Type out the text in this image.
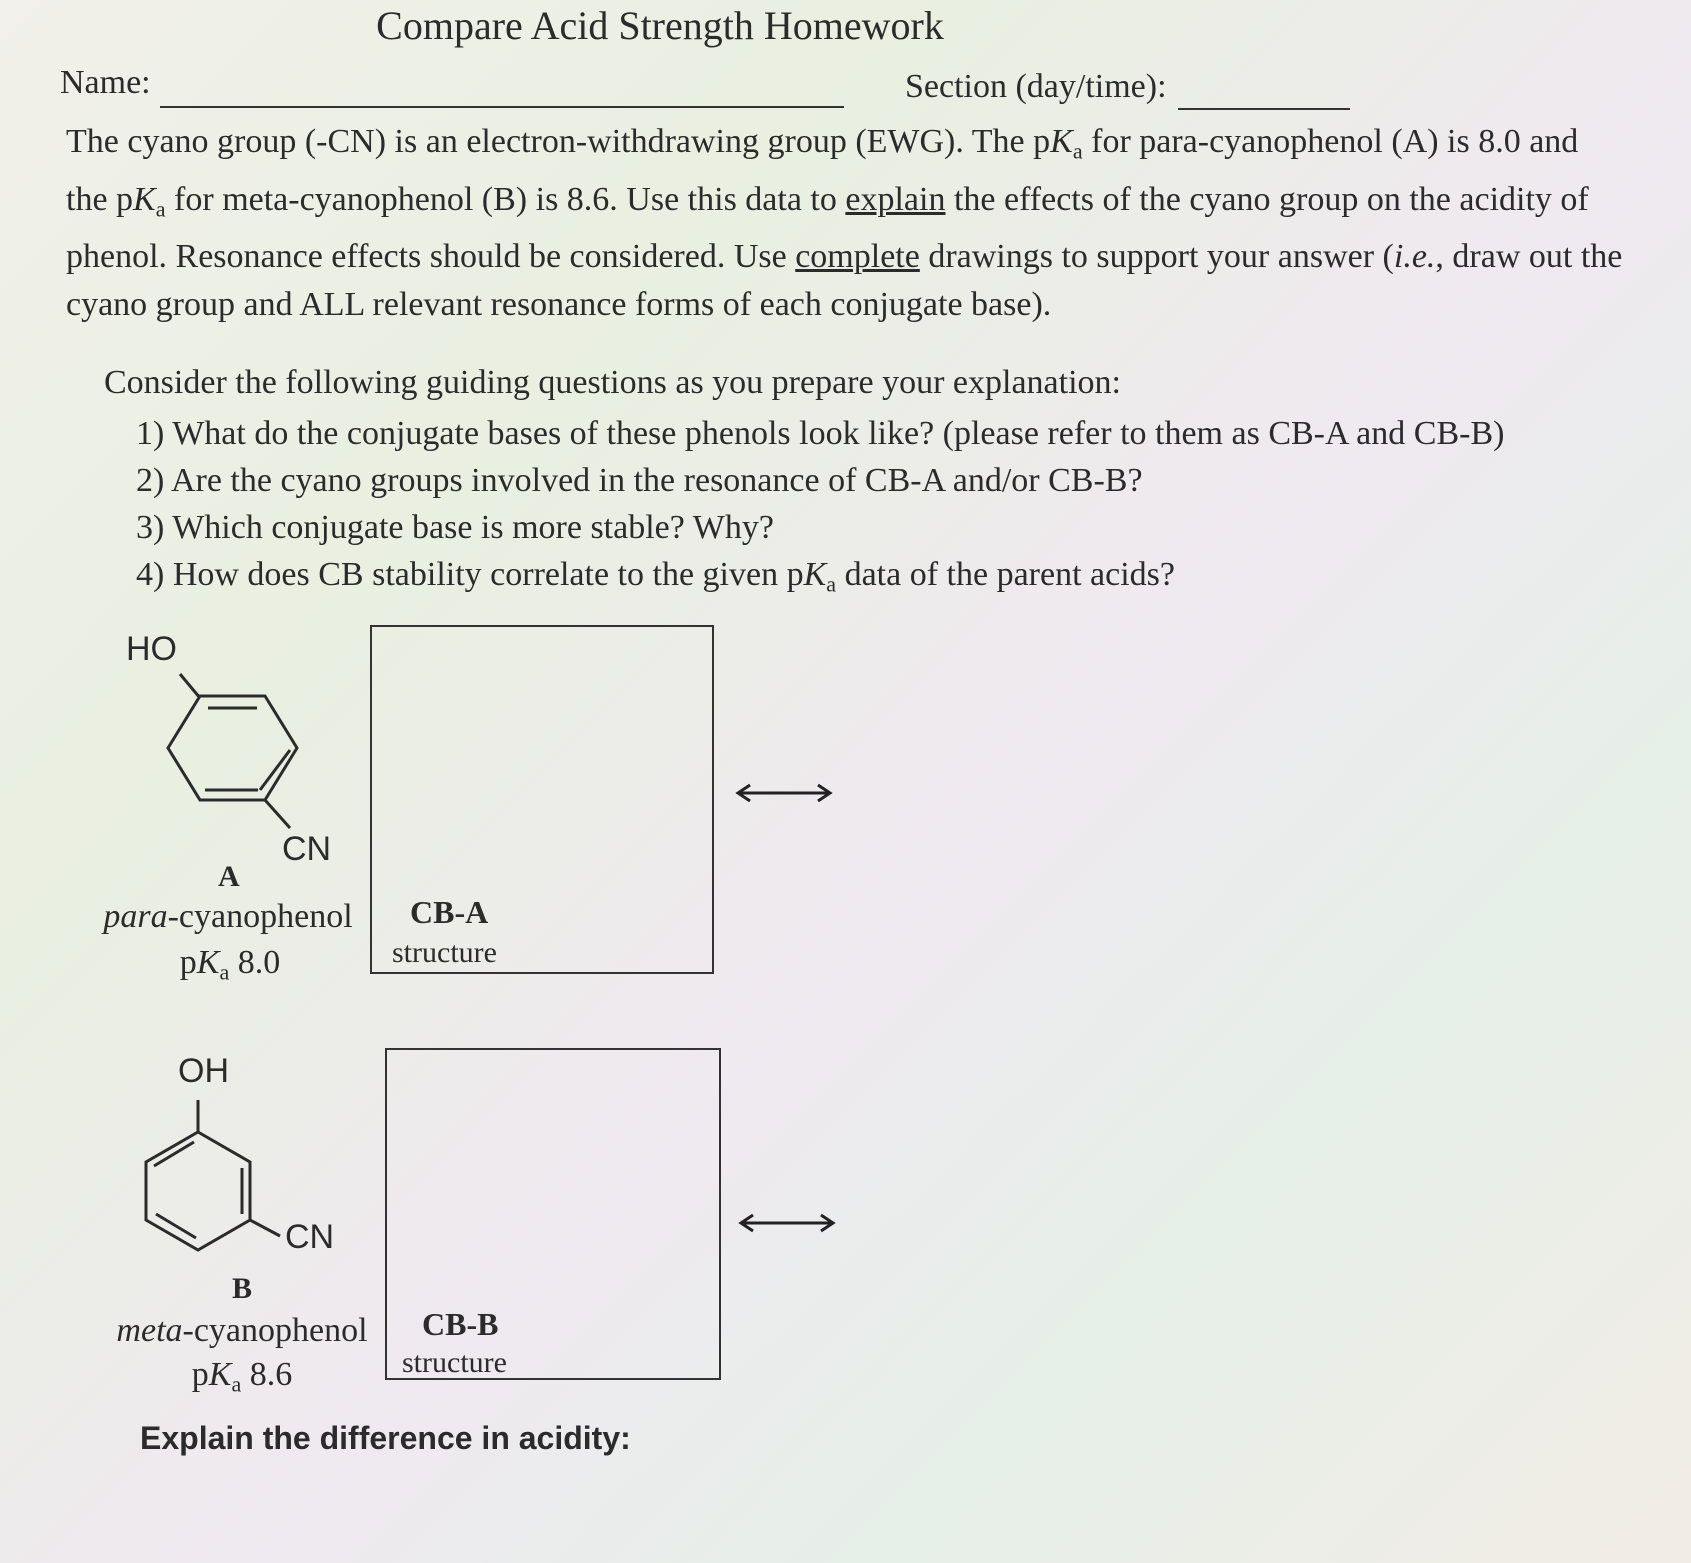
Compare Acid Strength Homework
Name:	Section (day/time):
The cyano group (-CN) is an electron-withdrawing group (EWG). The $pK_a$ for para-cyanophenol (A) is 8.0 and the $pK_a$ for meta-cyanophenol (B) is 8.6. Use this data to explain the effects of the cyano group on the acidity of phenol. Resonance effects should be considered. Use complete drawings to support your answer (i.e., draw out the cyano group and ALL relevant resonance forms of each conjugate base).
Consider the following guiding questions as you prepare your explanation:
1) What do the conjugate bases of these phenols look like? (please refer to them as CB-A and CB-B)
2) Are the cyano groups involved in the resonance of CB-A and/or CB-B?
3) Which conjugate base is more stable? Why?
4) How does CB stability correlate to the given $pK_a$ data of the parent acids?
HO
CN
A
para-cyanophenol
$pK_a$ 8.0
CB-A
structure
OH
CN
B
meta-cyanophenol
$pK_a$ 8.6
CB-B
structure
Explain the difference in acidity:
